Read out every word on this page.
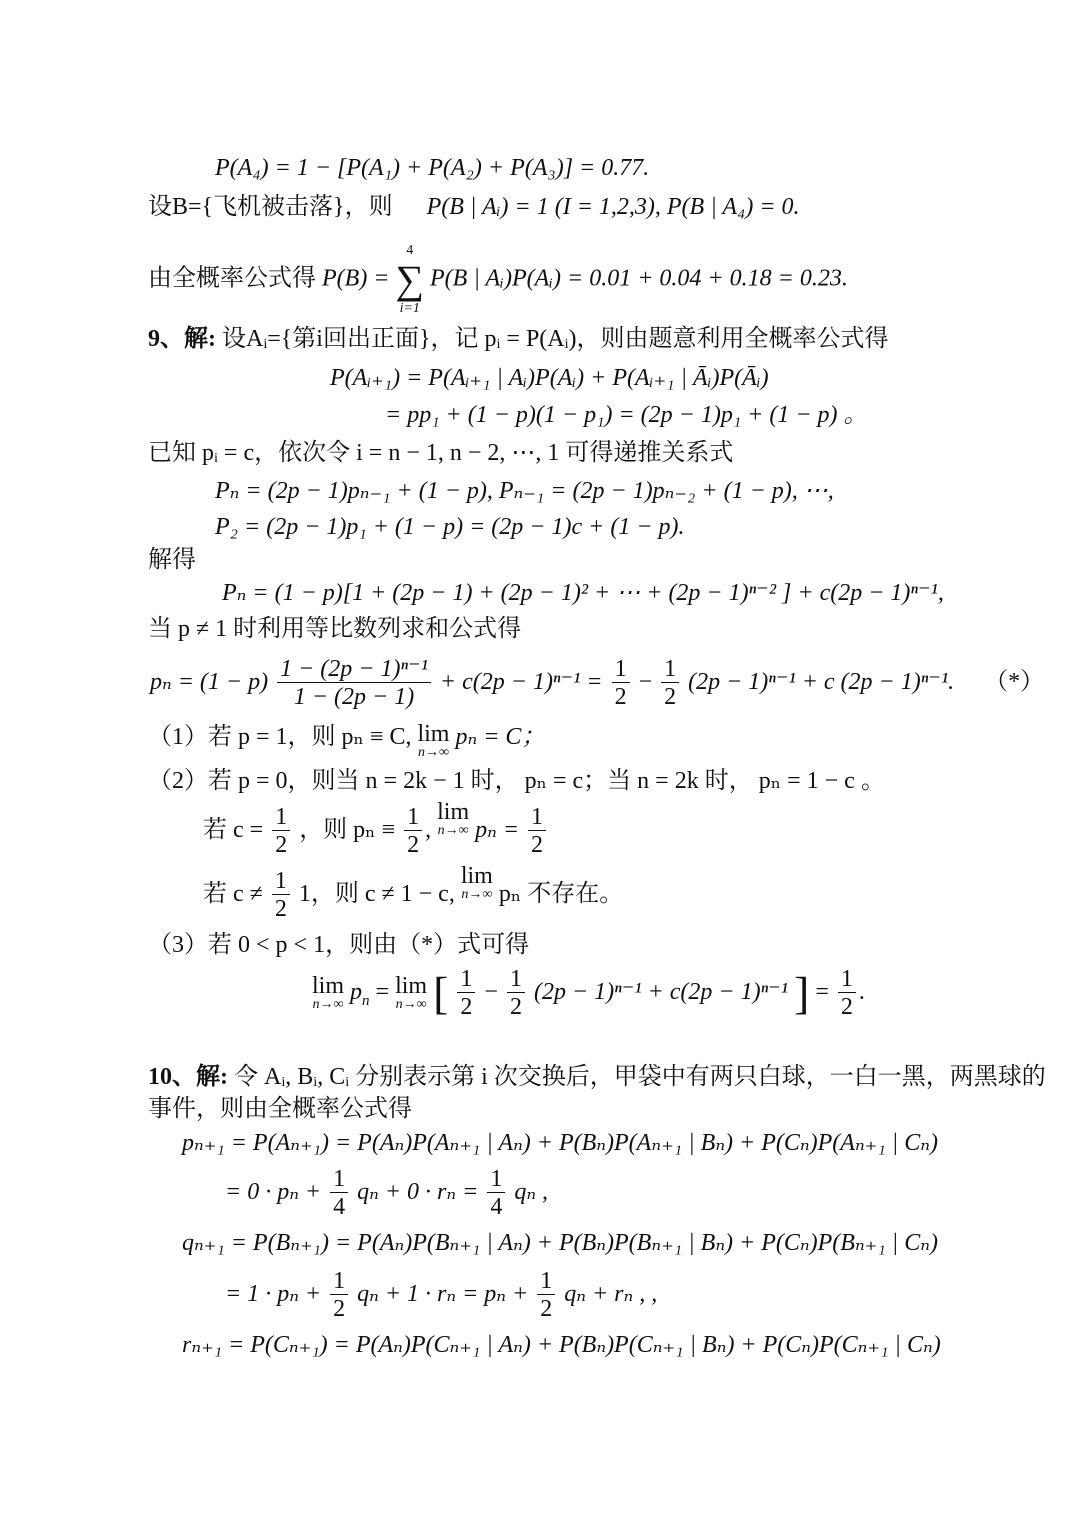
P(A₄) = 1 − [P(A₁) + P(A₂) + P(A₃)] = 0.77.
设B={飞机被击落}，则 P(B | Aᵢ) = 1 (I = 1,2,3), P(B | A₄) = 0.
由全概率公式得 P(B) =
4
∑
i=1
P(B | Aᵢ)P(Aᵢ) = 0.01 + 0.04 + 0.18 = 0.23.
9、解: 设Aᵢ={第i回出正面}，记 pᵢ = P(Aᵢ)，则由题意利用全概率公式得
P(Aᵢ₊₁) = P(Aᵢ₊₁ | Aᵢ)P(Aᵢ) + P(Aᵢ₊₁ | Āᵢ)P(Āᵢ)
= pp₁ + (1 − p)(1 − p₁) = (2p − 1)p₁ + (1 − p) 。
已知 pᵢ = c，依次令 i = n − 1, n − 2, ⋯, 1 可得递推关系式
Pₙ = (2p − 1)pₙ₋₁ + (1 − p), Pₙ₋₁ = (2p − 1)pₙ₋₂ + (1 − p), ⋯,
P₂ = (2p − 1)p₁ + (1 − p) = (2p − 1)c + (1 − p).
解得
Pₙ = (1 − p)[1 + (2p − 1) + (2p − 1)² + ⋯ + (2p − 1)ⁿ⁻² ] + c(2p − 1)ⁿ⁻¹,
当 p ≠ 1 时利用等比数列求和公式得
$p_n = (1 - p) \frac{\text{1 − (2p − 1)ⁿ⁻¹}}{1 - (2p - 1)} + c(2p - 1)^{n-1} = \frac{1}{2} - \frac{1}{2} (2p - 1)^{n-1} + c$ (2p − 1)ⁿ⁻¹. （*）
（1）若 p = 1，则 pₙ ≡ C, lim
n→∞
pₙ = C；
（2）若 p = 0，则当 n = 2k − 1 时， pₙ = c；当 n = 2k 时， pₙ = 1 − c 。
若 $c = \frac{1}{2}$ ，则 $p_n \equiv \frac{1}{2}$ , lim
n→∞ $p_n = \frac{1}{2}$
若 $c \ne \frac{1}{2} 1$，则 c ≠ 1 − c, lim
n→∞ pₙ 不存在。
（3）若 0 < p < 1，则由（*）式可得
lim
n→∞ $p_n = \lim$
n→∞ [ $\frac{1}{2} - \frac{1}{2} (2p - 1)^{n-1} + c(2p - 1)^{n-1}$ ] = $\frac{1}{2}$ .
10、解: 令 Aᵢ, Bᵢ, Cᵢ 分别表示第 i 次交换后，甲袋中有两只白球，一白一黑，两黑球的
事件，则由全概率公式得
pₙ₊₁ = P(Aₙ₊₁) = P(Aₙ)P(Aₙ₊₁ | Aₙ) + P(Bₙ)P(Aₙ₊₁ | Bₙ) + P(Cₙ)P(Aₙ₊₁ | Cₙ)
= $0 \cdot p_n + \frac{1}{4}$ $q_n + 0 \cdot r_n = \frac{1}{4}$ qₙ ,
qₙ₊₁ = P(Bₙ₊₁) = P(Aₙ)P(Bₙ₊₁ | Aₙ) + P(Bₙ)P(Bₙ₊₁ | Bₙ) + P(Cₙ)P(Bₙ₊₁ | Cₙ)
= $1 \cdot p_n + \frac{1}{2}$ $q_n + 1 \cdot r_n = p_n + \frac{1}{2}$ qₙ + rₙ , ,
rₙ₊₁ = P(Cₙ₊₁) = P(Aₙ)P(Cₙ₊₁ | Aₙ) + P(Bₙ)P(Cₙ₊₁ | Bₙ) + P(Cₙ)P(Cₙ₊₁ | Cₙ)
